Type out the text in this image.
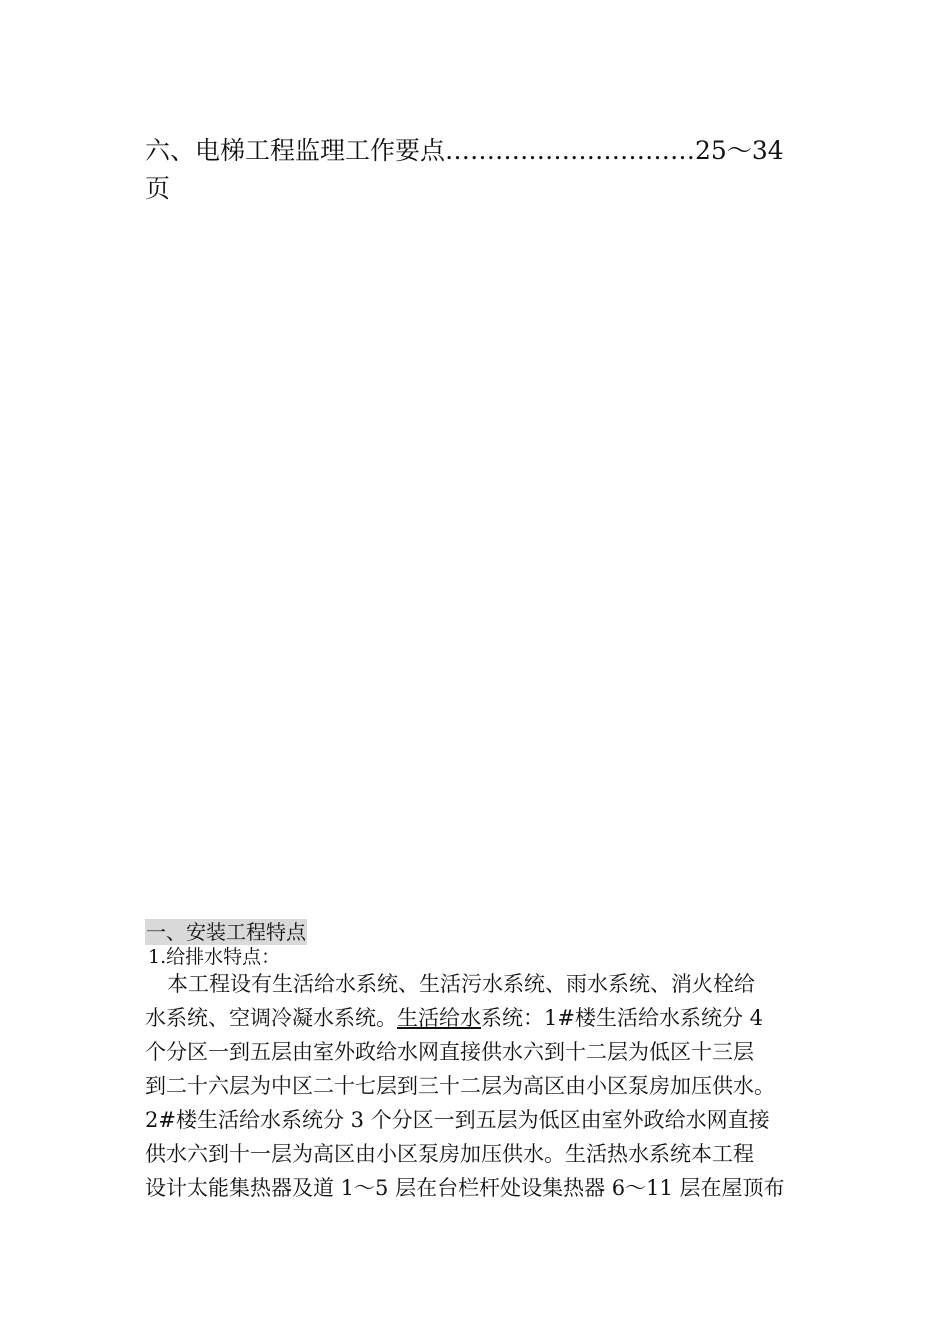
六、电梯工程监理工作要点…………………………25～34
页
一、安装工程特点
1.给排水特点：
本工程设有生活给水系统、生活污水系统、雨水系统、消火栓给
水系统、空调冷凝水系统。生活给水系统：1#楼生活给水系统分 4
个分区一到五层由室外政给水网直接供水六到十二层为低区十三层
到二十六层为中区二十七层到三十二层为高区由小区泵房加压供水。
2#楼生活给水系统分 3 个分区一到五层为低区由室外政给水网直接
供水六到十一层为高区由小区泵房加压供水。生活热水系统本工程
设计太能集热器及道 1～5 层在台栏杆处设集热器 6～11 层在屋顶布
